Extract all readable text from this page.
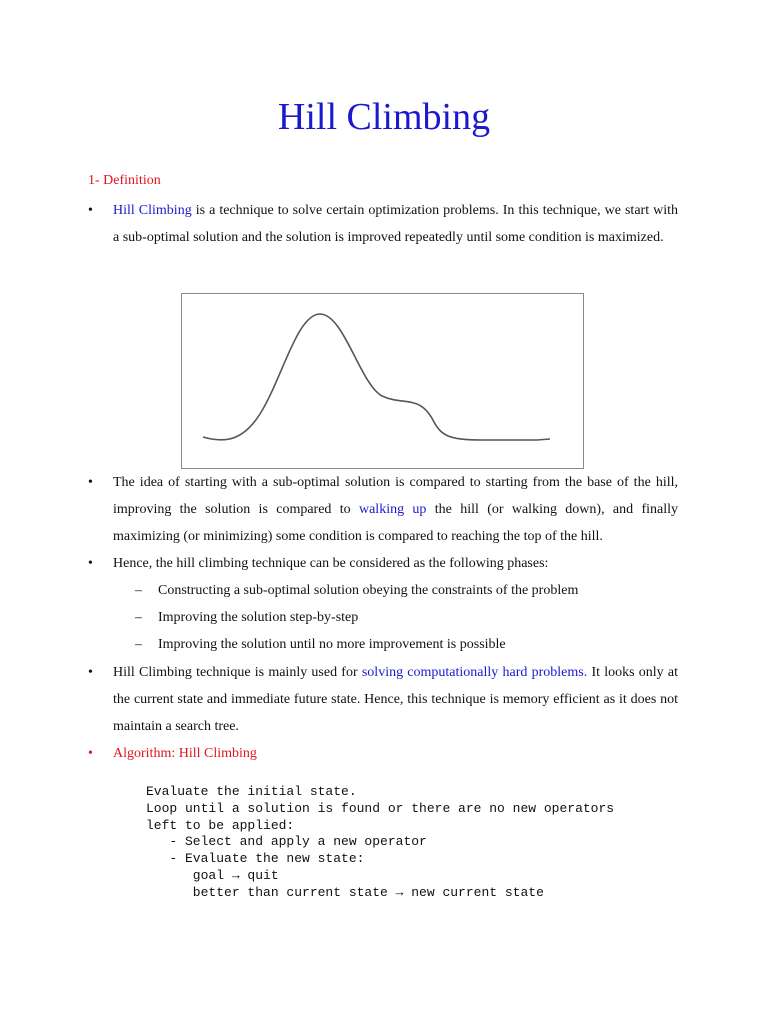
Hill Climbing
1- Definition
•	Hill Climbing is a technique to solve certain optimization problems. In this technique, we start with a sub-optimal solution and the solution is improved repeatedly until some condition is maximized.
•	The idea of starting with a sub-optimal solution is compared to starting from the base of the hill, improving the solution is compared to walking up the hill (or walking down), and finally maximizing (or minimizing) some condition is compared to reaching the top of the hill.
•	Hence, the hill climbing technique can be considered as the following phases:
– Constructing a sub-optimal solution obeying the constraints of the problem
– Improving the solution step-by-step
– Improving the solution until no more improvement is possible
•	Hill Climbing technique is mainly used for solving computationally hard problems. It looks only at the current state and immediate future state. Hence, this technique is memory efficient as it does not maintain a search tree.
•	Algorithm: Hill Climbing
Evaluate the initial state.
Loop until a solution is found or there are no new operators
left to be applied:
- Select and apply a new operator
- Evaluate the new state:
goal → quit
better than current state → new current state
